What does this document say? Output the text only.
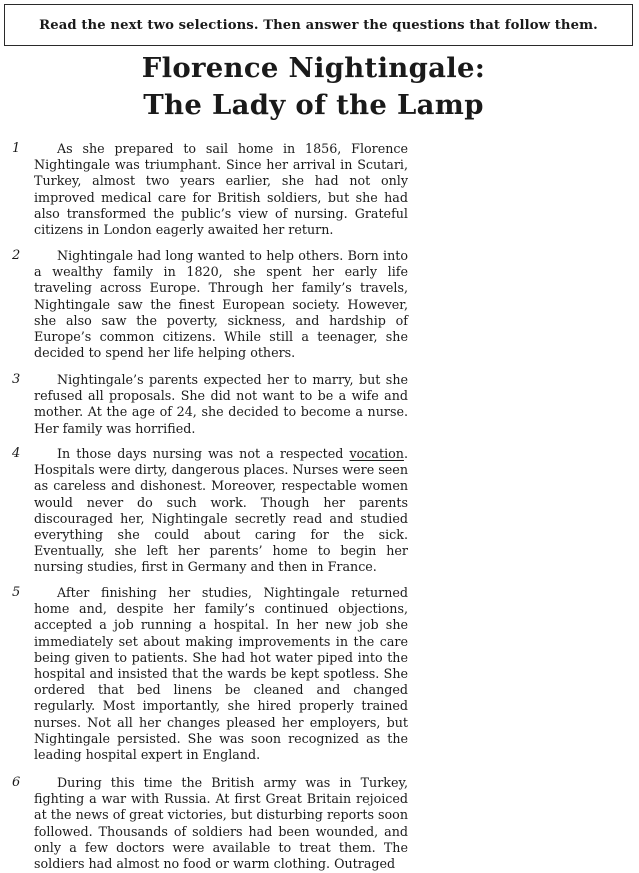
Read the next two selections. Then answer the questions that follow them.
Florence Nightingale:
The Lady of the Lamp
1	As she prepared to sail home in 1856, Florence Nightingale was triumphant. Since her arrival in Scutari, Turkey, almost two years earlier, she had not only improved medical care for British soldiers, but she had also transformed the public’s view of nursing. Grateful citizens in London eagerly awaited her return.

2	Nightingale had long wanted to help others. Born into a wealthy family in 1820, she spent her early life traveling across Europe. Through her family’s travels, Nightingale saw the finest European society. However, she also saw the poverty, sickness, and hardship of Europe’s common citizens. While still a teenager, she decided to spend her life helping others.

3	Nightingale’s parents expected her to marry, but she refused all proposals. She did not want to be a wife and mother. At the age of 24, she decided to become a nurse. Her family was horrified.

4	In those days nursing was not a respected vocation. Hospitals were dirty, dangerous places. Nurses were seen as careless and dishonest. Moreover, respectable women would never do such work. Though her parents discouraged her, Nightingale secretly read and studied everything she could about caring for the sick. Eventually, she left her parents’ home to begin her nursing studies, first in Germany and then in France.

5	After finishing her studies, Nightingale returned home and, despite her family’s continued objections, accepted a job running a hospital. In her new job she immediately set about making improvements in the care being given to patients. She had hot water piped into the hospital and insisted that the wards be kept spotless. She ordered that bed linens be cleaned and changed regularly. Most importantly, she hired properly trained nurses. Not all her changes pleased her employers, but Nightingale persisted. She was soon recognized as the leading hospital expert in England.

6	During this time the British army was in Turkey, fighting a war with Russia. At first Great Britain rejoiced at the news of great victories, but disturbing reports soon followed. Thousands of soldiers had been wounded, and only a few doctors were available to treat them. The soldiers had almost no food or warm clothing. Outraged
